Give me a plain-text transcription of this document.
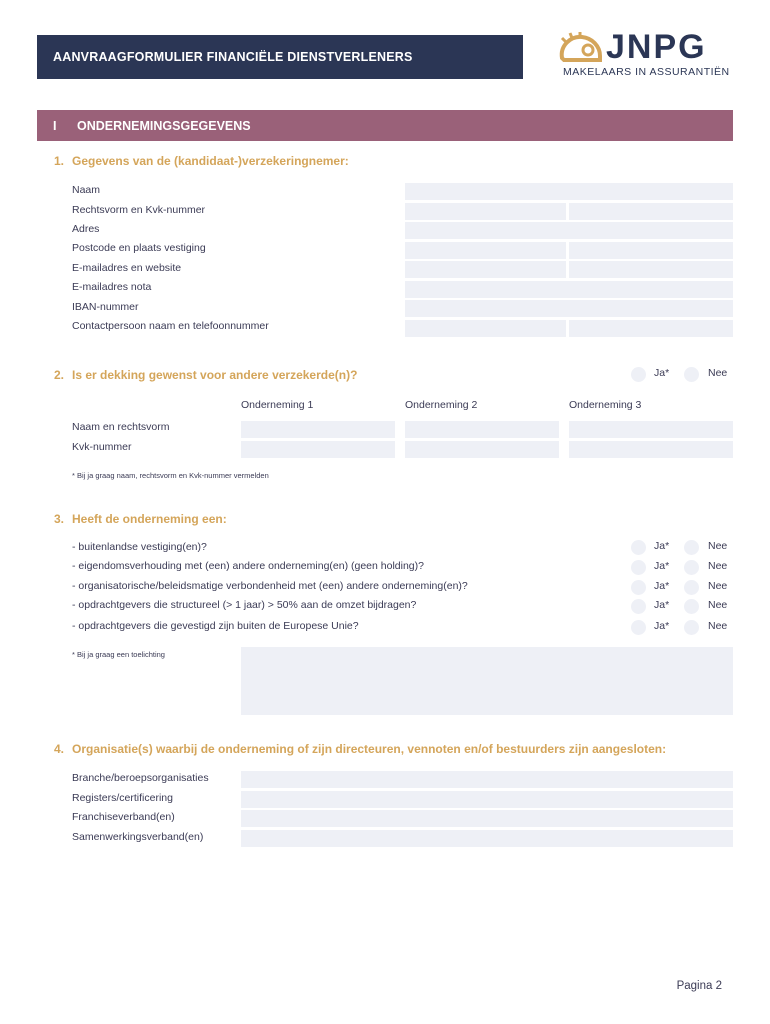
AANVRAAGFORMULIER FINANCIËLE DIENSTVERLENERS	JNPG
MAKELAARS IN ASSURANTIËN
I	ONDERNEMINGSGEGEVENS
1. Gegevens van de (kandidaat-)verzekeringnemer:
Naam
Rechtsvorm en Kvk-nummer
Adres
Postcode en plaats vestiging
E-mailadres en website
E-mailadres nota
IBAN-nummer
Contactpersoon naam en telefoonnummer
2. Is er dekking gewenst voor andere verzekerde(n)?	Ja*	Nee
Onderneming 1	Onderneming 2	Onderneming 3
Naam en rechtsvorm
Kvk-nummer
* Bij ja graag naam, rechtsvorm en Kvk-nummer vermelden
3. Heeft de onderneming een:
- buitenlandse vestiging(en)?	Ja*	Nee
- eigendomsverhouding met (een) andere onderneming(en) (geen holding)?	Ja*	Nee
- organisatorische/beleidsmatige verbondenheid met (een) andere onderneming(en)?	Ja*	Nee
- opdrachtgevers die structureel (> 1 jaar) > 50% aan de omzet bijdragen?	Ja*	Nee
- opdrachtgevers die gevestigd zijn buiten de Europese Unie?	Ja*	Nee
* Bij ja graag een toelichting
4. Organisatie(s) waarbij de onderneming of zijn directeuren, vennoten en/of bestuurders zijn aangesloten:
Branche/beroepsorganisaties
Registers/certificering
Franchiseverband(en)
Samenwerkingsverband(en)
Pagina 2
